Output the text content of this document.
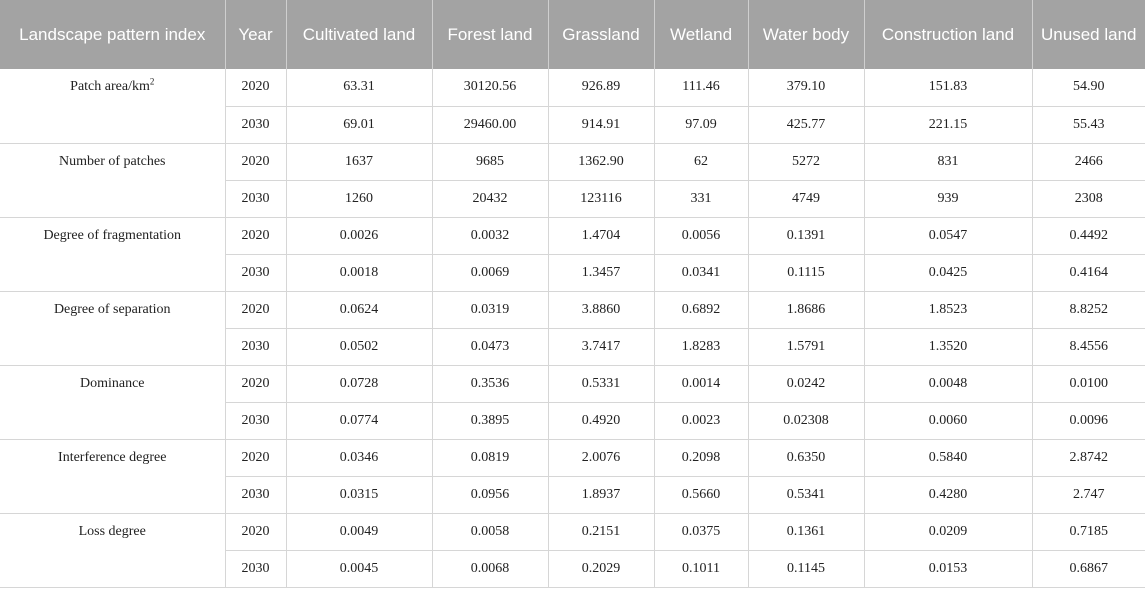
Landscape pattern index	Year	Cultivated land	Forest land	Grassland	Wetland	Water body	Construction land	Unused land
Patch area/$km^2$	2020	63.31	30120.56	926.89	111.46	379.10	151.83	54.90
	2030	69.01	29460.00	914.91	97.09	425.77	221.15	55.43
Number of patches	2020	1637	9685	1362.90	62	5272	831	2466
	2030	1260	20432	123116	331	4749	939	2308
Degree of fragmentation	2020	0.0026	0.0032	1.4704	0.0056	0.1391	0.0547	0.4492
	2030	0.0018	0.0069	1.3457	0.0341	0.1115	0.0425	0.4164
Degree of separation	2020	0.0624	0.0319	3.8860	0.6892	1.8686	1.8523	8.8252
	2030	0.0502	0.0473	3.7417	1.8283	1.5791	1.3520	8.4556
Dominance	2020	0.0728	0.3536	0.5331	0.0014	0.0242	0.0048	0.0100
	2030	0.0774	0.3895	0.4920	0.0023	0.02308	0.0060	0.0096
Interference degree	2020	0.0346	0.0819	2.0076	0.2098	0.6350	0.5840	2.8742
	2030	0.0315	0.0956	1.8937	0.5660	0.5341	0.4280	2.747
Loss degree	2020	0.0049	0.0058	0.2151	0.0375	0.1361	0.0209	0.7185
	2030	0.0045	0.0068	0.2029	0.1011	0.1145	0.0153	0.6867
